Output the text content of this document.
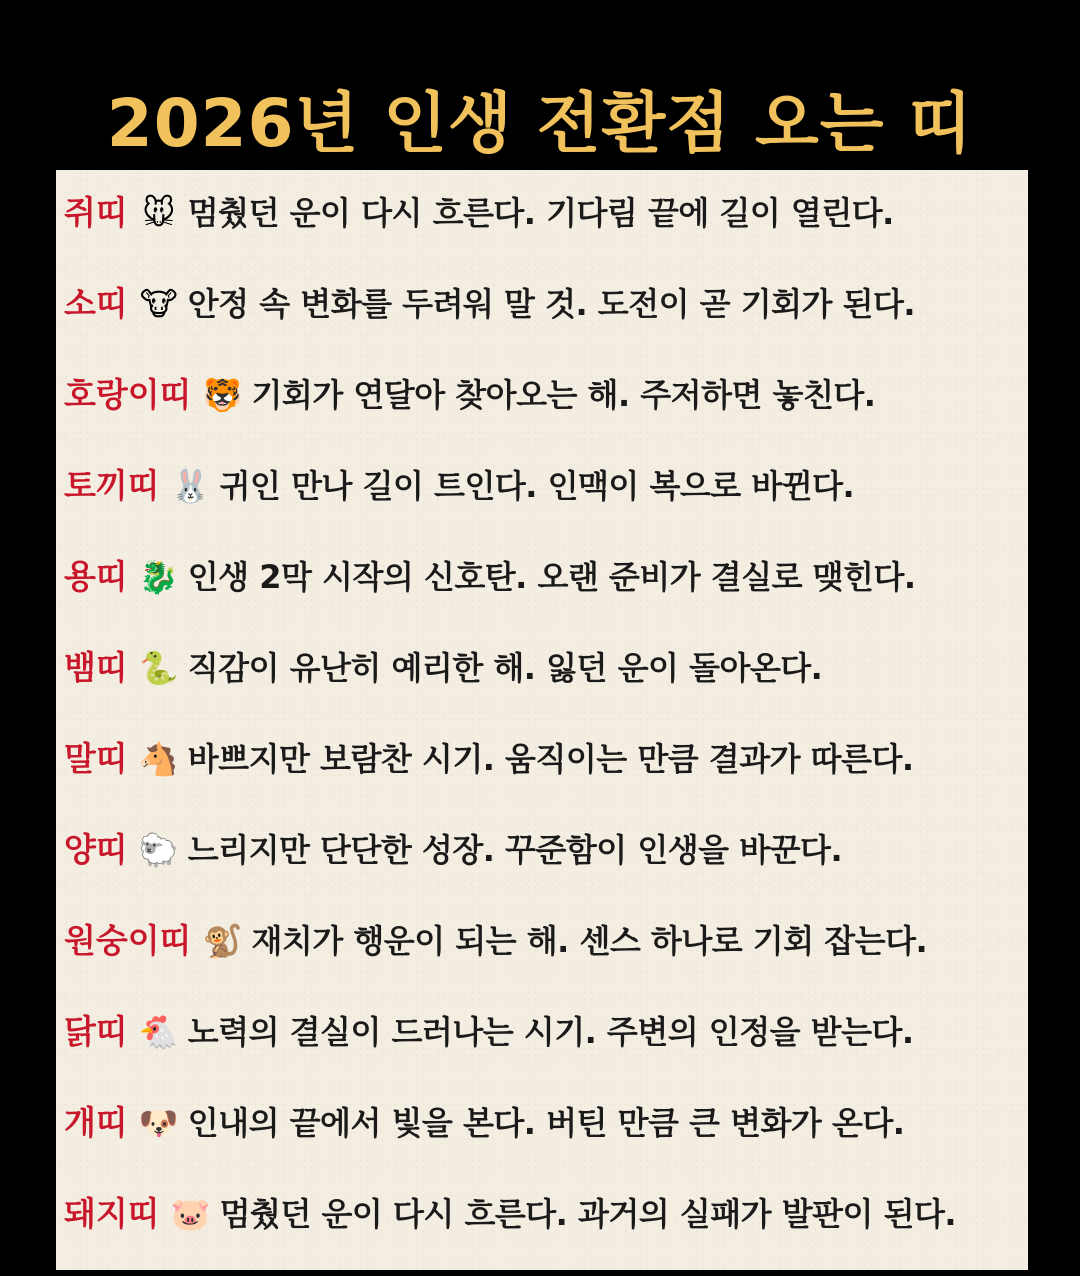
2026년 인생 전환점 오는 띠
쥐띠 🐭 멈췄던 운이 다시 흐른다. 기다림 끝에 길이 열린다.
소띠 🐮 안정 속 변화를 두려워 말 것. 도전이 곧 기회가 된다.
호랑이띠 🐯 기회가 연달아 찾아오는 해. 주저하면 놓친다.
토끼띠 🐰 귀인 만나 길이 트인다. 인맥이 복으로 바뀐다.
용띠 🐉 인생 2막 시작의 신호탄. 오랜 준비가 결실로 맺힌다.
뱀띠 🐍 직감이 유난히 예리한 해. 잃던 운이 돌아온다.
말띠 🐴 바쁘지만 보람찬 시기. 움직이는 만큼 결과가 따른다.
양띠 🐑 느리지만 단단한 성장. 꾸준함이 인생을 바꾼다.
원숭이띠 🐒 재치가 행운이 되는 해. 센스 하나로 기회 잡는다.
닭띠 🐔 노력의 결실이 드러나는 시기. 주변의 인정을 받는다.
개띠 🐶 인내의 끝에서 빛을 본다. 버틴 만큼 큰 변화가 온다.
돼지띠 🐷 멈췄던 운이 다시 흐른다. 과거의 실패가 발판이 된다.
